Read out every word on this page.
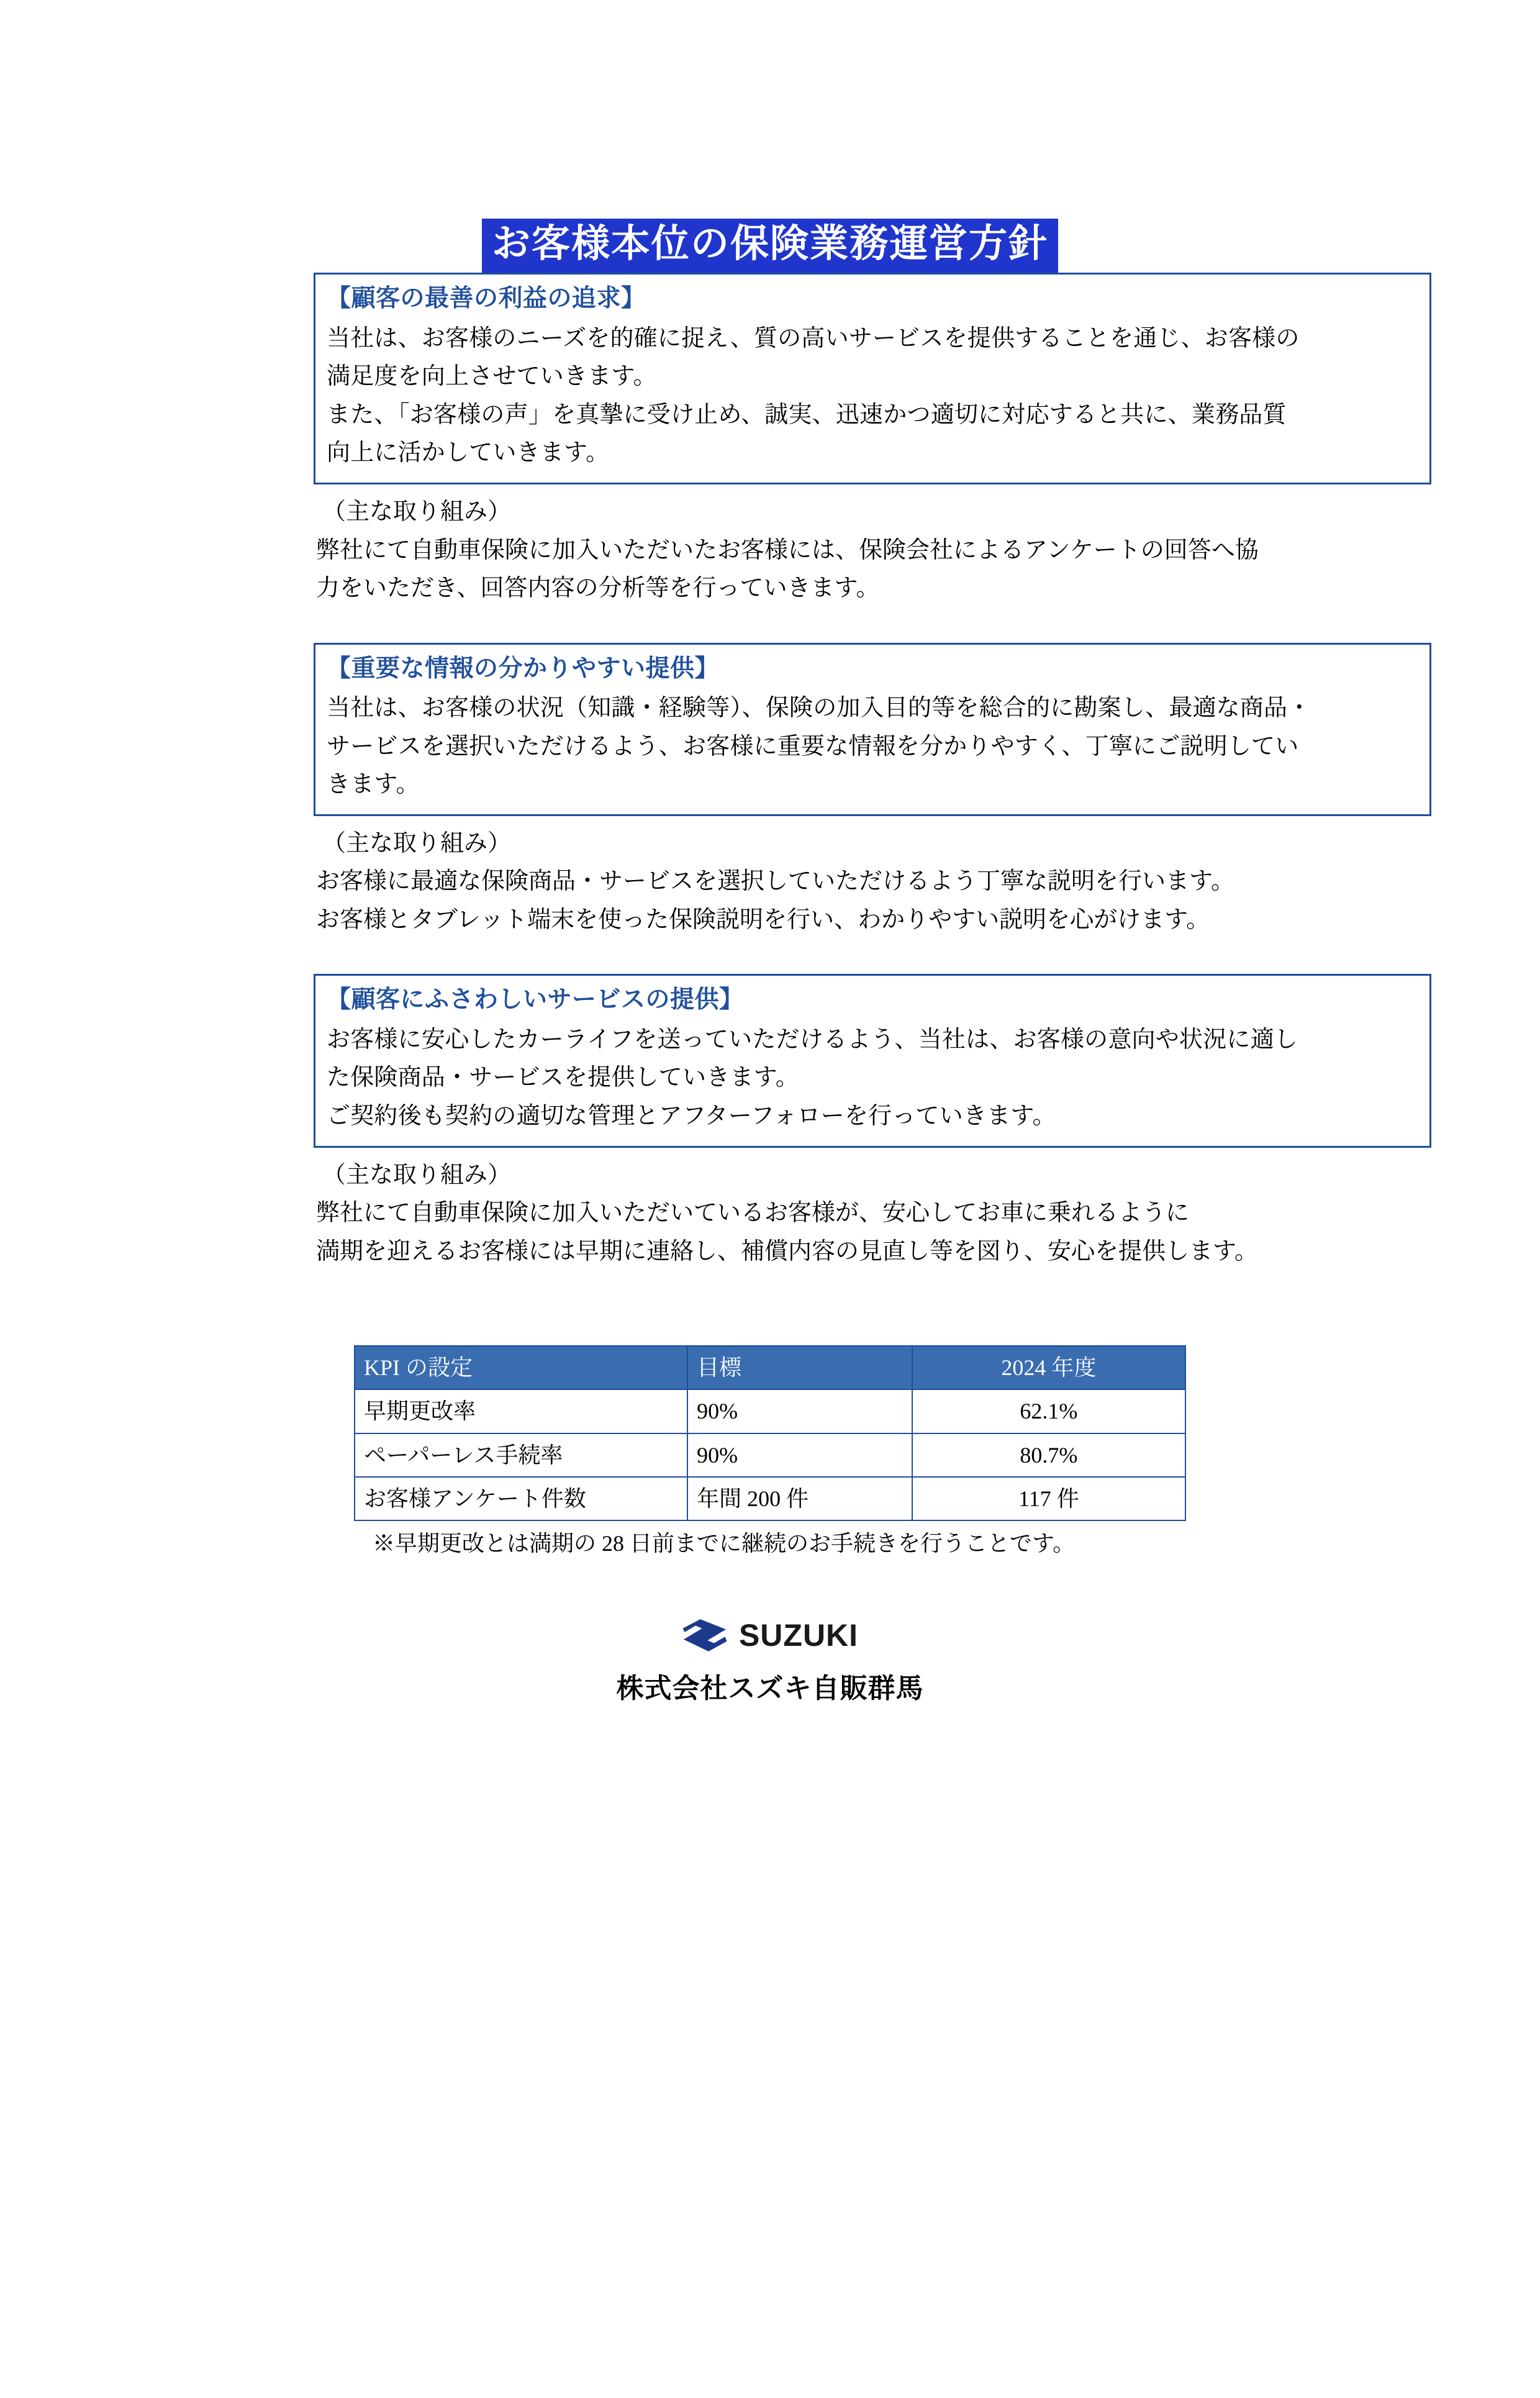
お客様本位の保険業務運営方針
【顧客の最善の利益の追求】
当社は、お客様のニーズを的確に捉え、質の高いサービスを提供することを通じ、お客様の
満足度を向上させていきます。
また、「お客様の声」を真摯に受け止め、誠実、迅速かつ適切に対応すると共に、業務品質
向上に活かしていきます。
（主な取り組み）
弊社にて自動車保険に加入いただいたお客様には、保険会社によるアンケートの回答へ協
力をいただき、回答内容の分析等を行っていきます。
【重要な情報の分かりやすい提供】
当社は、お客様の状況（知識・経験等）、保険の加入目的等を総合的に勘案し、最適な商品・
サービスを選択いただけるよう、お客様に重要な情報を分かりやすく、丁寧にご説明してい
きます。
（主な取り組み）
お客様に最適な保険商品・サービスを選択していただけるよう丁寧な説明を行います。
お客様とタブレット端末を使った保険説明を行い、わかりやすい説明を心がけます。
【顧客にふさわしいサービスの提供】
お客様に安心したカーライフを送っていただけるよう、当社は、お客様の意向や状況に適し
た保険商品・サービスを提供していきます。
ご契約後も契約の適切な管理とアフターフォローを行っていきます。
（主な取り組み）
弊社にて自動車保険に加入いただいているお客様が、安心してお車に乗れるように
満期を迎えるお客様には早期に連絡し、補償内容の見直し等を図り、安心を提供します。
KPI の設定	目標	2024 年度
早期更改率	90%	62.1%
ペーパーレス手続率	90%	80.7%
お客様アンケート件数	年間 200 件	117 件
※早期更改とは満期の 28 日前までに継続のお手続きを行うことです。
SUZUKI
株式会社スズキ自販群馬
